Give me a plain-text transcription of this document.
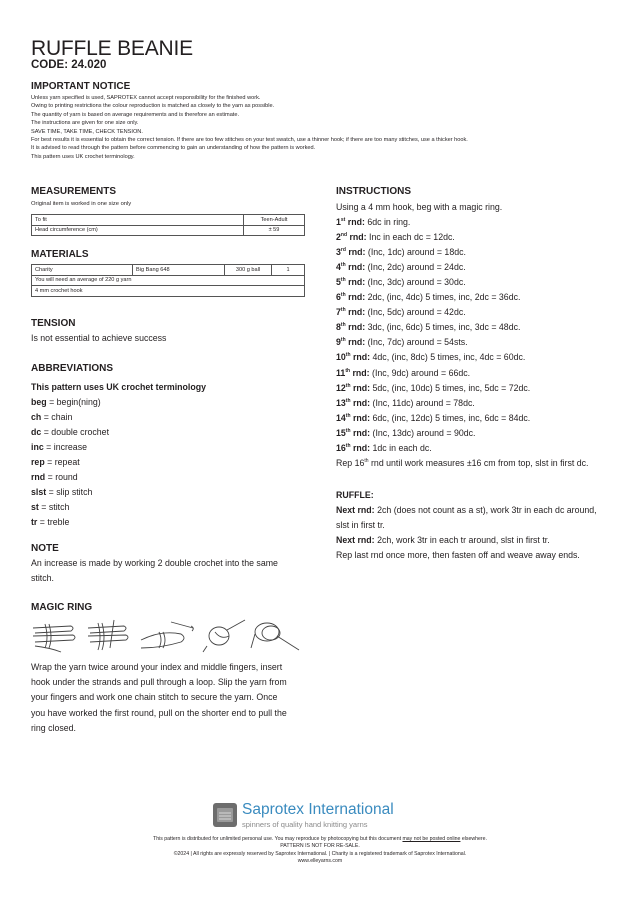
RUFFLE BEANIE
CODE: 24.020
IMPORTANT NOTICE
Unless yarn specified is used, SAPROTEX cannot accept responsibility for the finished work.
Owing to printing restrictions the colour reproduction is matched as closely to the yarn as possible.
The quantity of yarn is based on average requirements and is therefore an estimate.
The instructions are given for one size only.
SAVE TIME, TAKE TIME, CHECK TENSION.
For best results it is essential to obtain the correct tension. If there are too few stitches on your test swatch, use a thinner hook; if there are too many stitches, use a thicker hook.
It is advised to read through the pattern before commencing to gain an understanding of how the pattern is worked.
This pattern uses UK crochet terminology.
MEASUREMENTS
Original item is worked in one size only
To fit	Teen-Adult
Head circumference (cm)	± 59
MATERIALS
Charity	Big Bang 648	300 g ball	1
You will need an average of 220 g yarn
4 mm crochet hook
TENSION
Is not essential to achieve success
ABBREVIATIONS
This pattern uses UK crochet terminology
beg = begin(ning)
ch = chain
dc = double crochet
inc = increase
rep = repeat
rnd = round
slst = slip stitch
st = stitch
tr = treble
NOTE
An increase is made by working 2 double crochet into the same
stitch.
MAGIC RING
Wrap the yarn twice around your index and middle fingers, insert
hook under the strands and pull through a loop. Slip the yarn from
your fingers and work one chain stitch to secure the yarn. Once
you have worked the first round, pull on the shorter end to pull the
ring closed.
INSTRUCTIONS
Using a 4 mm hook, beg with a magic ring.
1st rnd: 6dc in ring.
2nd rnd: Inc in each dc = 12dc.
3rd rnd: (Inc, 1dc) around = 18dc.
4th rnd: (Inc, 2dc) around = 24dc.
5th rnd: (Inc, 3dc) around = 30dc.
6th rnd: 2dc, (inc, 4dc) 5 times, inc, 2dc = 36dc.
7th rnd: (Inc, 5dc) around = 42dc.
8th rnd: 3dc, (inc, 6dc) 5 times, inc, 3dc = 48dc.
9th rnd: (Inc, 7dc) around = 54sts.
10th rnd: 4dc, (inc, 8dc) 5 times, inc, 4dc = 60dc.
11th rnd: (Inc, 9dc) around = 66dc.
12th rnd: 5dc, (inc, 10dc) 5 times, inc, 5dc = 72dc.
13th rnd: (Inc, 11dc) around = 78dc.
14th rnd: 6dc, (inc, 12dc) 5 times, inc, 6dc = 84dc.
15th rnd: (Inc, 13dc) around = 90dc.
16th rnd: 1dc in each dc.
Rep 16th rnd until work measures ±16 cm from top, slst in first dc.
RUFFLE:
Next rnd: 2ch (does not count as a st), work 3tr in each dc around,
slst in first tr.
Next rnd: 2ch, work 3tr in each tr around, slst in first tr.
Rep last rnd once more, then fasten off and weave away ends.
Saprotex International
spinners of quality hand knitting yarns
This pattern is distributed for unlimited personal use. You may reproduce by photocopying but this document may not be posted online elsewhere.
PATTERN IS NOT FOR RE-SALE.
©2024 | All rights are expressly reserved by Saprotex International. | Charity is a registered trademark of Saprotex International.
www.elleyarns.com
